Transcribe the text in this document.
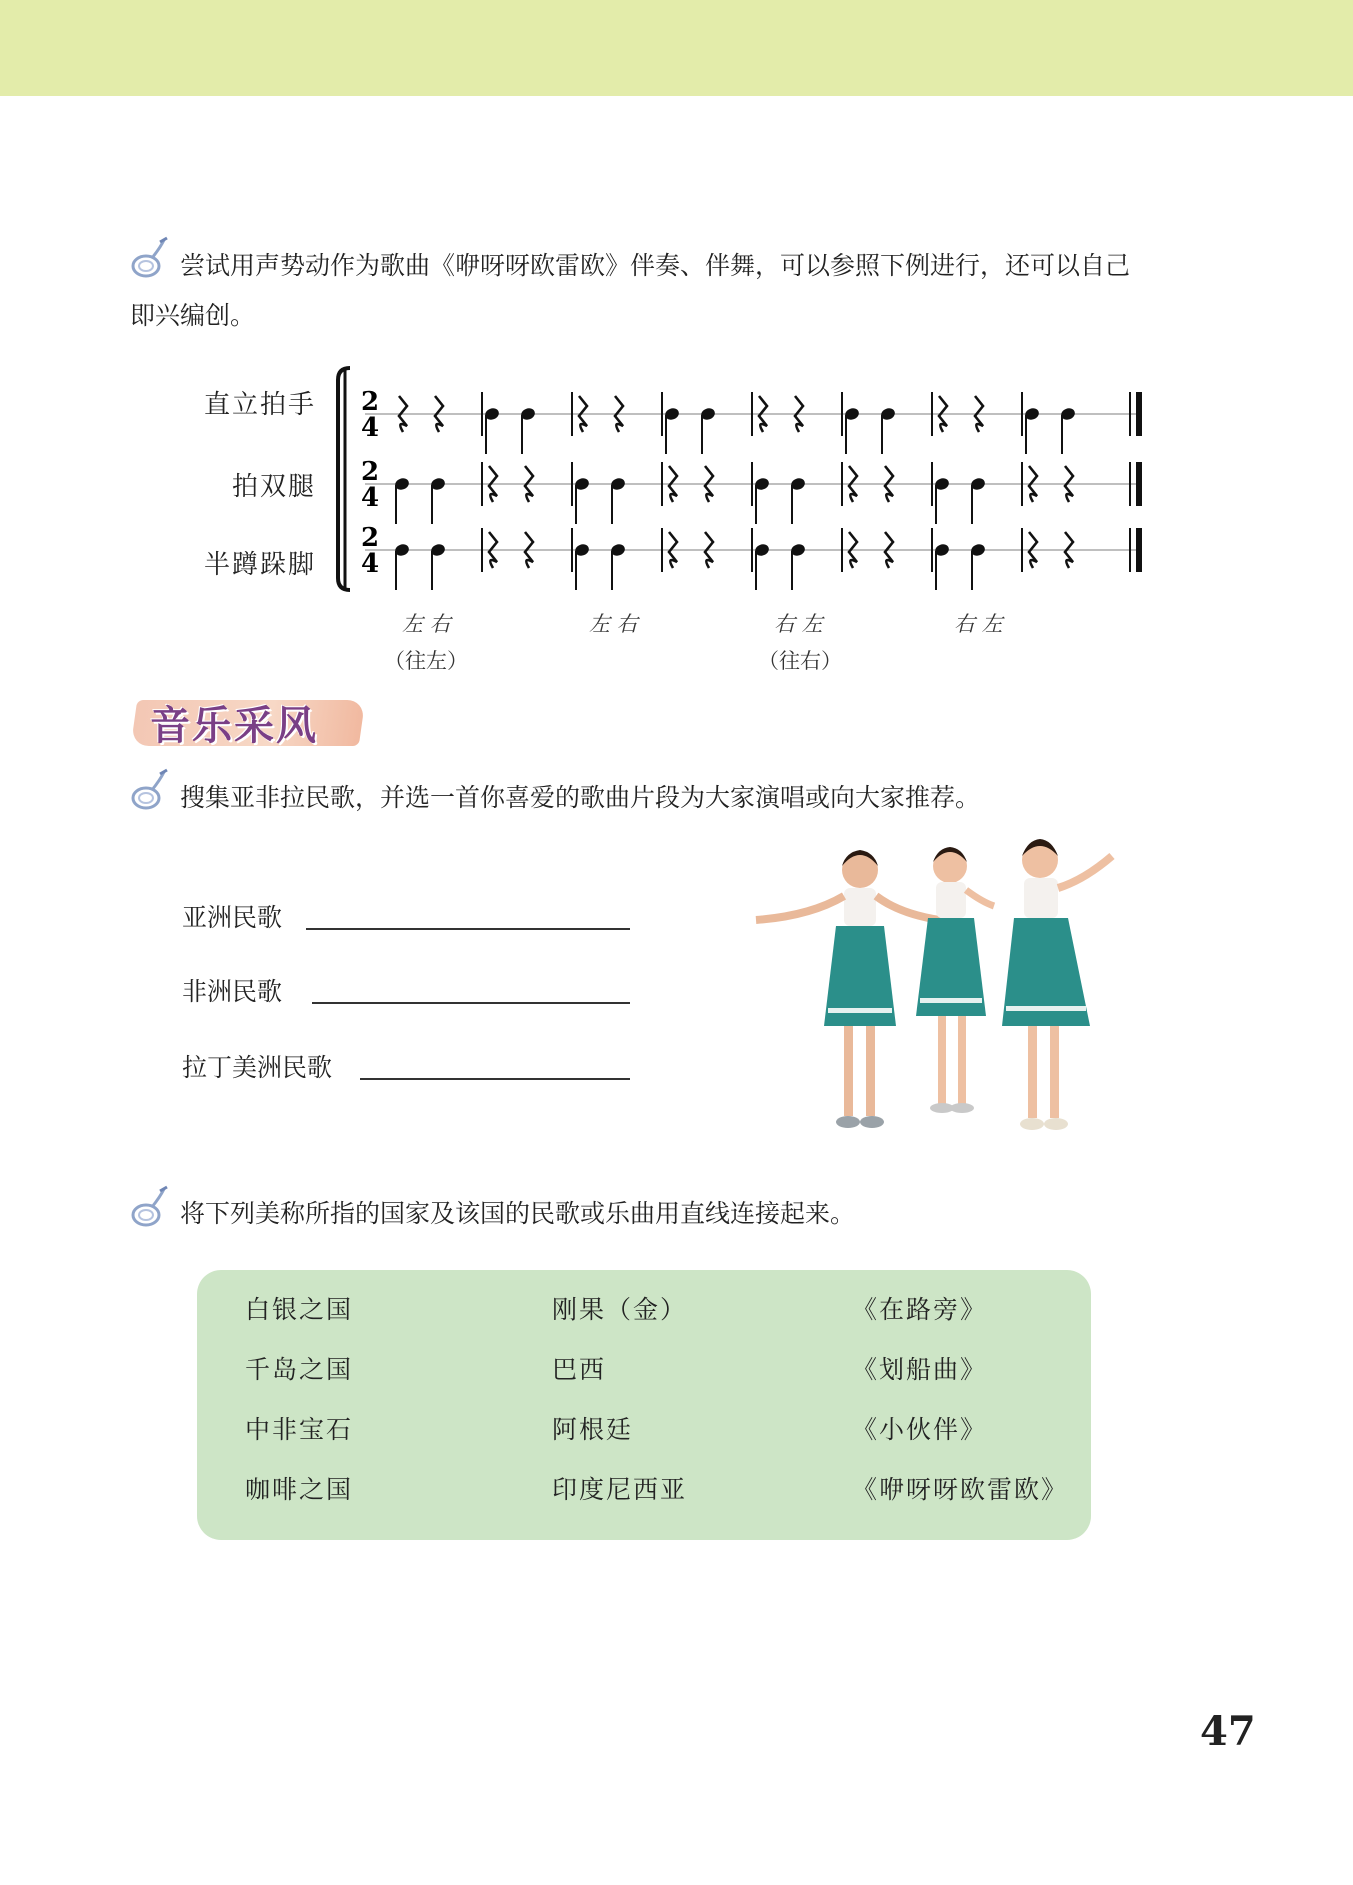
尝试用声势动作为歌曲《咿呀呀欧雷欧》伴奏、伴舞，可以参照下例进行，还可以自己
即兴编创。
直立拍手
拍双腿
半蹲跺脚
2
4
2
4
2
4
左 右
（往左）
左 右	右 左
（往右）
右 左
音乐采风
搜集亚非拉民歌，并选一首你喜爱的歌曲片段为大家演唱或向大家推荐。
亚洲民歌
非洲民歌
拉丁美洲民歌
将下列美称所指的国家及该国的民歌或乐曲用直线连接起来。
白银之国
千岛之国
中非宝石
咖啡之国
刚果（金）
巴西
阿根廷
印度尼西亚
《在路旁》
《划船曲》
《小伙伴》
《咿呀呀欧雷欧》
47
